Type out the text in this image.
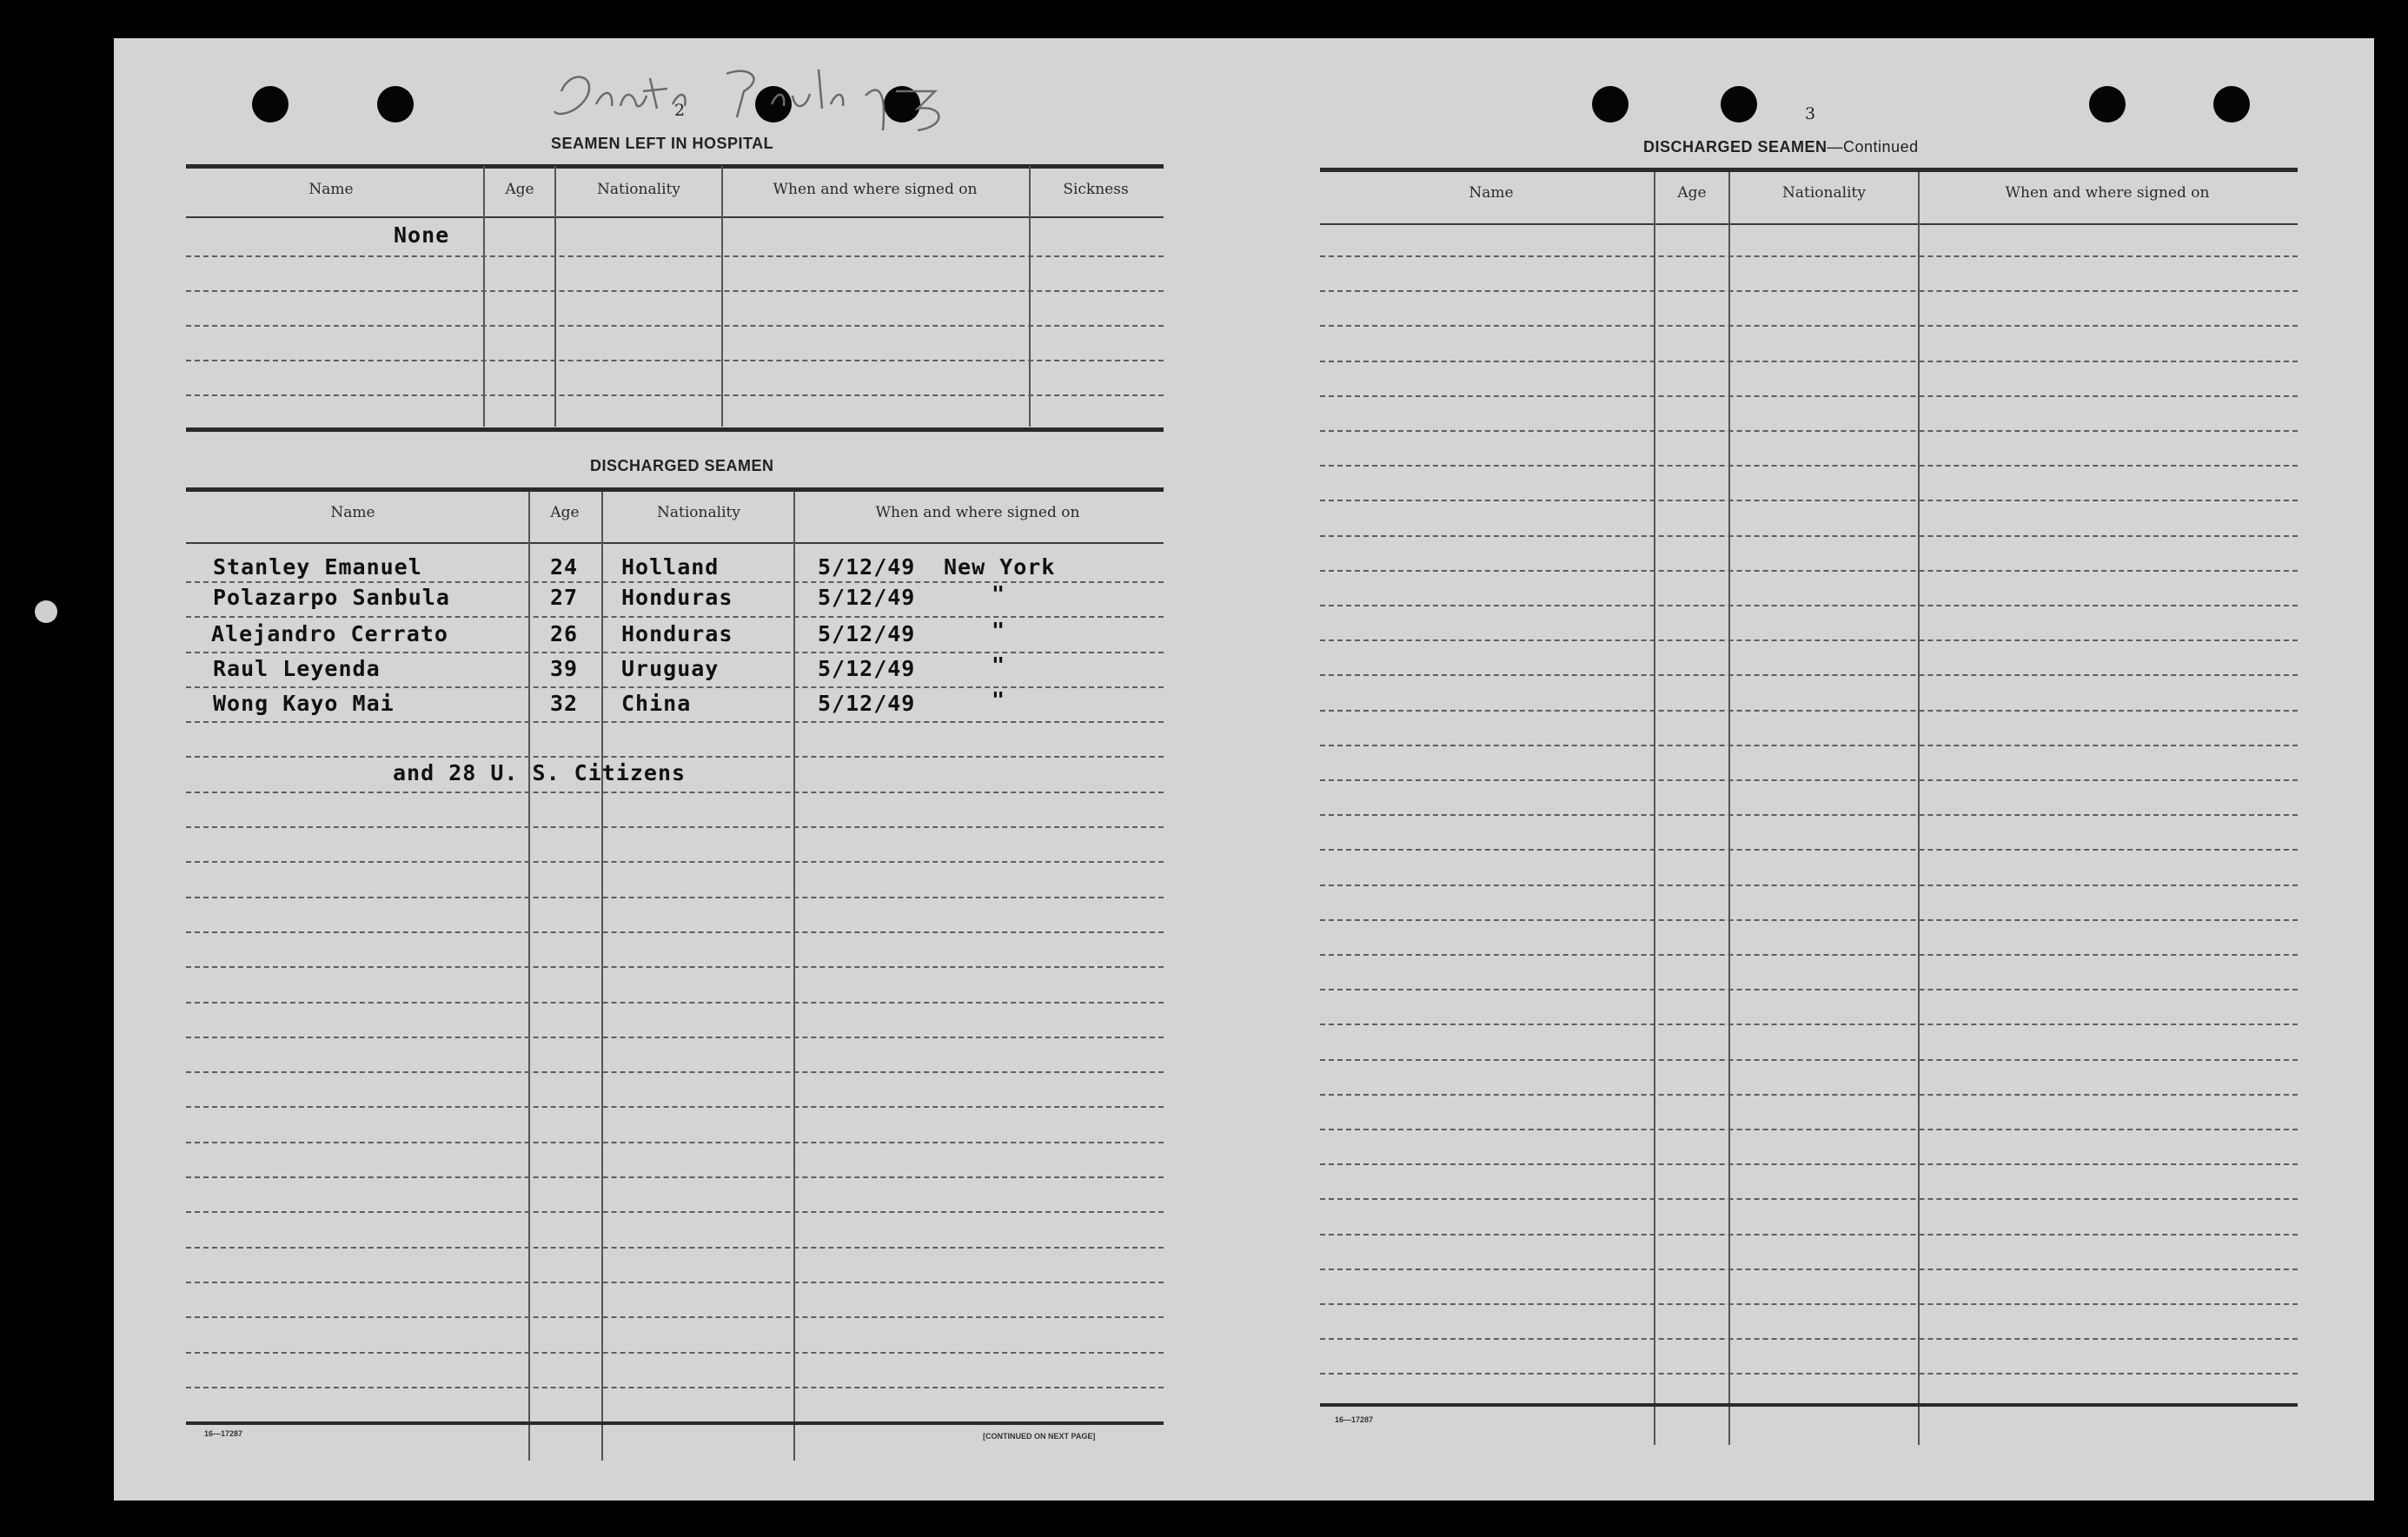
2
SEAMEN LEFT IN HOSPITAL
Name	Age	Nationality	When and where signed on	Sickness
None
DISCHARGED SEAMEN
Name	Age	Nationality	When and where signed on
Stanley Emanuel	24 Holland	5/12/49 New York
Polazarpo Sanbula	27 Honduras	5/12/49	"
Alejandro Cerrato	26 Honduras	5/12/49	"
Raul Leyenda	39 Uruguay	5/12/49	"
Wong Kayo Mai	32 China	5/12/49	"
and 28 U. S. Citizens
16—17287	[CONTINUED ON NEXT PAGE]
3
DISCHARGED SEAMEN—Continued
Name	Age	Nationality	When and where signed on
16—17287
